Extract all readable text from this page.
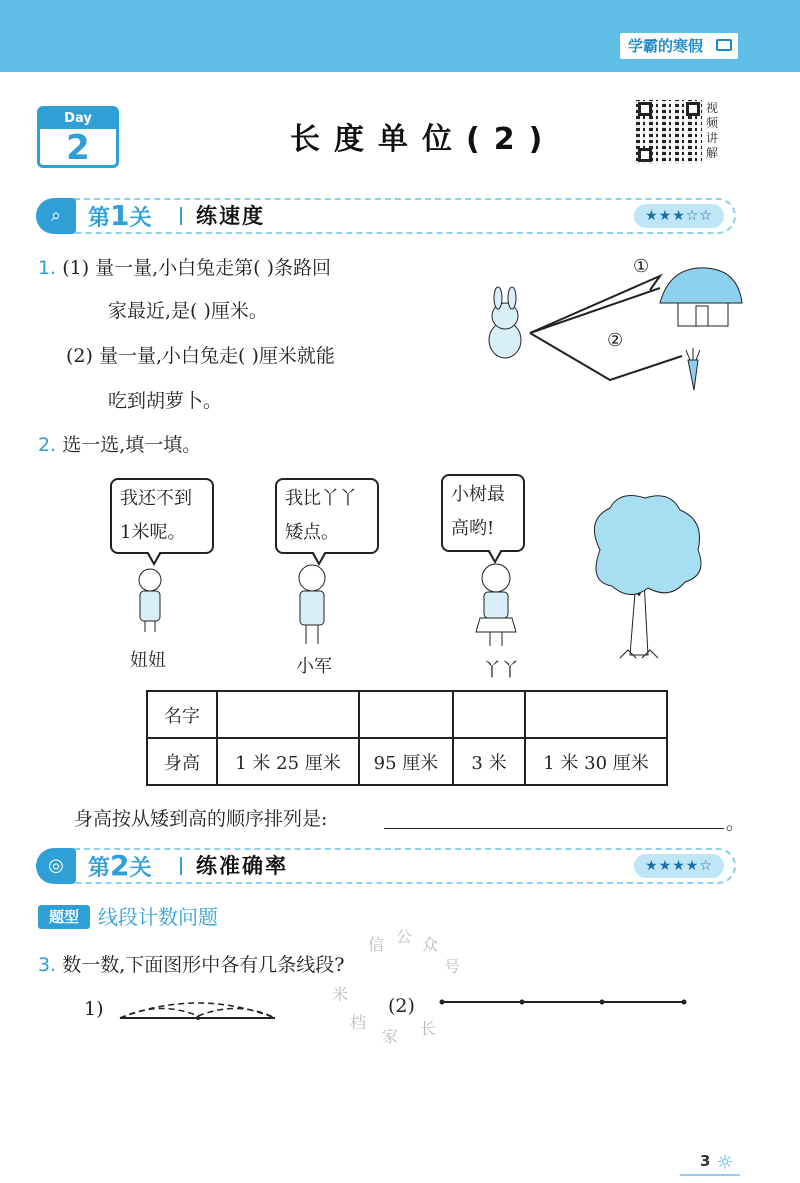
学霸的寒假
Day
2	长度单位(2)
视
频
讲
解
⌕	第1关 练速度	★★★☆☆
1. (1) 量一量,小白兔走第( )条路回
家最近,是( )厘米。
(2) 量一量,小白兔走( )厘米就能
吃到胡萝卜。
①
②
2. 选一选,填一填。
我还不到
1米呢。
我比丫丫
矮点。
小树最
高哟!
妞妞	小军	丫丫
名字				
身高	1 米 25 厘米	95 厘米	3 米	1 米 30 厘米
身高按从矮到高的顺序排列是:	。
◎	第2关 练准确率	★★★★☆
题型 线段计数问题
3. 数一数,下面图形中各有几条线段?
1)	(2)
信 公 众
号
米
档
家 长
3 ☼
